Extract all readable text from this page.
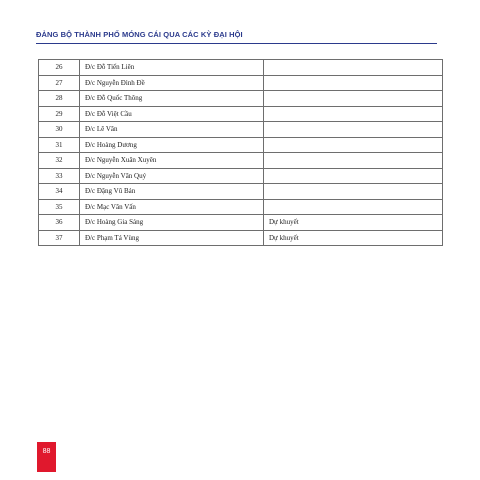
ĐẢNG BỘ THÀNH PHỐ MÓNG CÁI QUA CÁC KỲ ĐẠI HỘI
26	Đ/c Đỗ Tiến Liên		
27	Đ/c Nguyễn Đình Đề		
28	Đ/c Đỗ Quốc Thông		
29	Đ/c Đỗ Việt Cầu		
30	Đ/c Lê Văn		
31	Đ/c Hoàng Dương		
32	Đ/c Nguyễn Xuân Xuyên		
33	Đ/c Nguyễn Văn Quý		
34	Đ/c Đặng Vũ Bản		
35	Đ/c Mạc Văn Vấn		
36	Đ/c Hoàng Gia Sảng	Dự khuyết	
37	Đ/c Phạm Tá Vùng	Dự khuyết	
88
